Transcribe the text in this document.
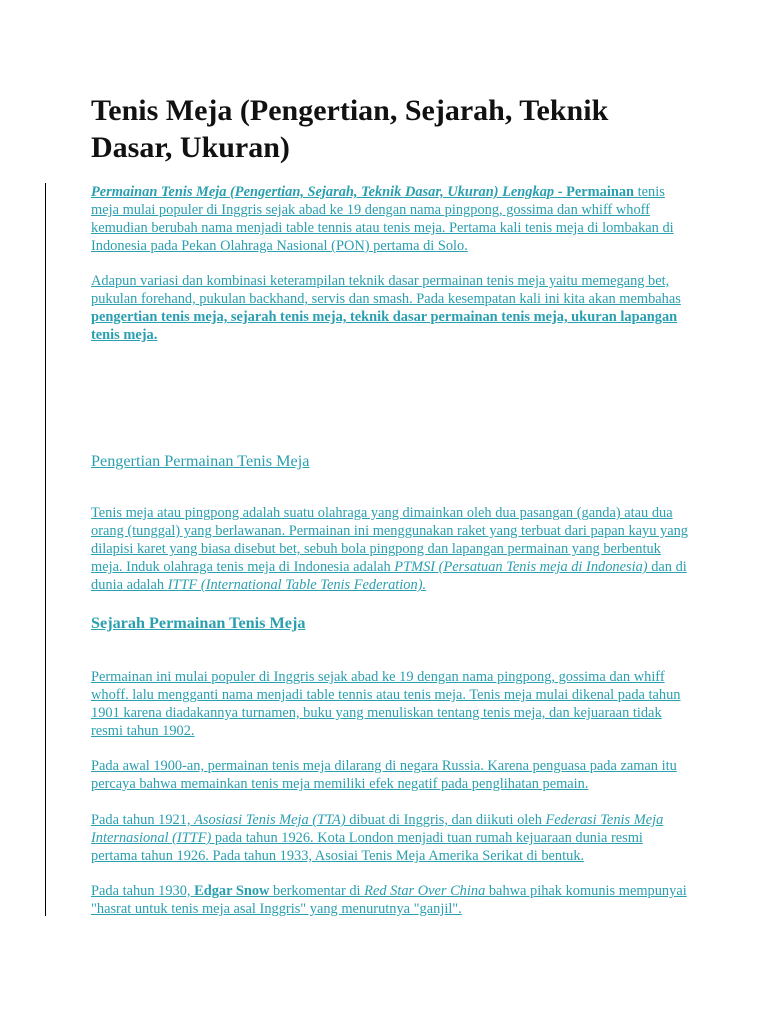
Tenis Meja (Pengertian, Sejarah, Teknik Dasar, Ukuran)

Permainan Tenis Meja (Pengertian, Sejarah, Teknik Dasar, Ukuran) Lengkap - Permainan tenis meja mulai populer di Inggris sejak abad ke 19 dengan nama pingpong, gossima dan whiff whoff kemudian berubah nama menjadi table tennis atau tenis meja. Pertama kali tenis meja di lombakan di Indonesia pada Pekan Olahraga Nasional (PON) pertama di Solo.

Adapun variasi dan kombinasi keterampilan teknik dasar permainan tenis meja yaitu memegang bet, pukulan forehand, pukulan backhand, servis dan smash. Pada kesempatan kali ini kita akan membahas pengertian tenis meja, sejarah tenis meja, teknik dasar permainan tenis meja, ukuran lapangan tenis meja.

Pengertian Permainan Tenis Meja

Tenis meja atau pingpong adalah suatu olahraga yang dimainkan oleh dua pasangan (ganda) atau dua orang (tunggal) yang berlawanan. Permainan ini menggunakan raket yang terbuat dari papan kayu yang dilapisi karet yang biasa disebut bet, sebuh bola pingpong dan lapangan permainan yang berbentuk meja. Induk olahraga tenis meja di Indonesia adalah PTMSI (Persatuan Tenis meja di Indonesia) dan di dunia adalah ITTF (International Table Tenis Federation).

Sejarah Permainan Tenis Meja

Permainan ini mulai populer di Inggris sejak abad ke 19 dengan nama pingpong, gossima dan whiff whoff. lalu mengganti nama menjadi table tennis atau tenis meja. Tenis meja mulai dikenal pada tahun 1901 karena diadakannya turnamen, buku yang menuliskan tentang tenis meja, dan kejuaraan tidak resmi tahun 1902.

Pada awal 1900-an, permainan tenis meja dilarang di negara Russia. Karena penguasa pada zaman itu percaya bahwa memainkan tenis meja memiliki efek negatif pada penglihatan pemain.

Pada tahun 1921, Asosiasi Tenis Meja (TTA) dibuat di Inggris, dan diikuti oleh Federasi Tenis Meja Internasional (ITTF) pada tahun 1926. Kota London menjadi tuan rumah kejuaraan dunia resmi pertama tahun 1926. Pada tahun 1933, Asosiai Tenis Meja Amerika Serikat di bentuk.

Pada tahun 1930, Edgar Snow berkomentar di Red Star Over China bahwa pihak komunis mempunyai "hasrat untuk tenis meja asal Inggris" yang menurutnya "ganjil".
